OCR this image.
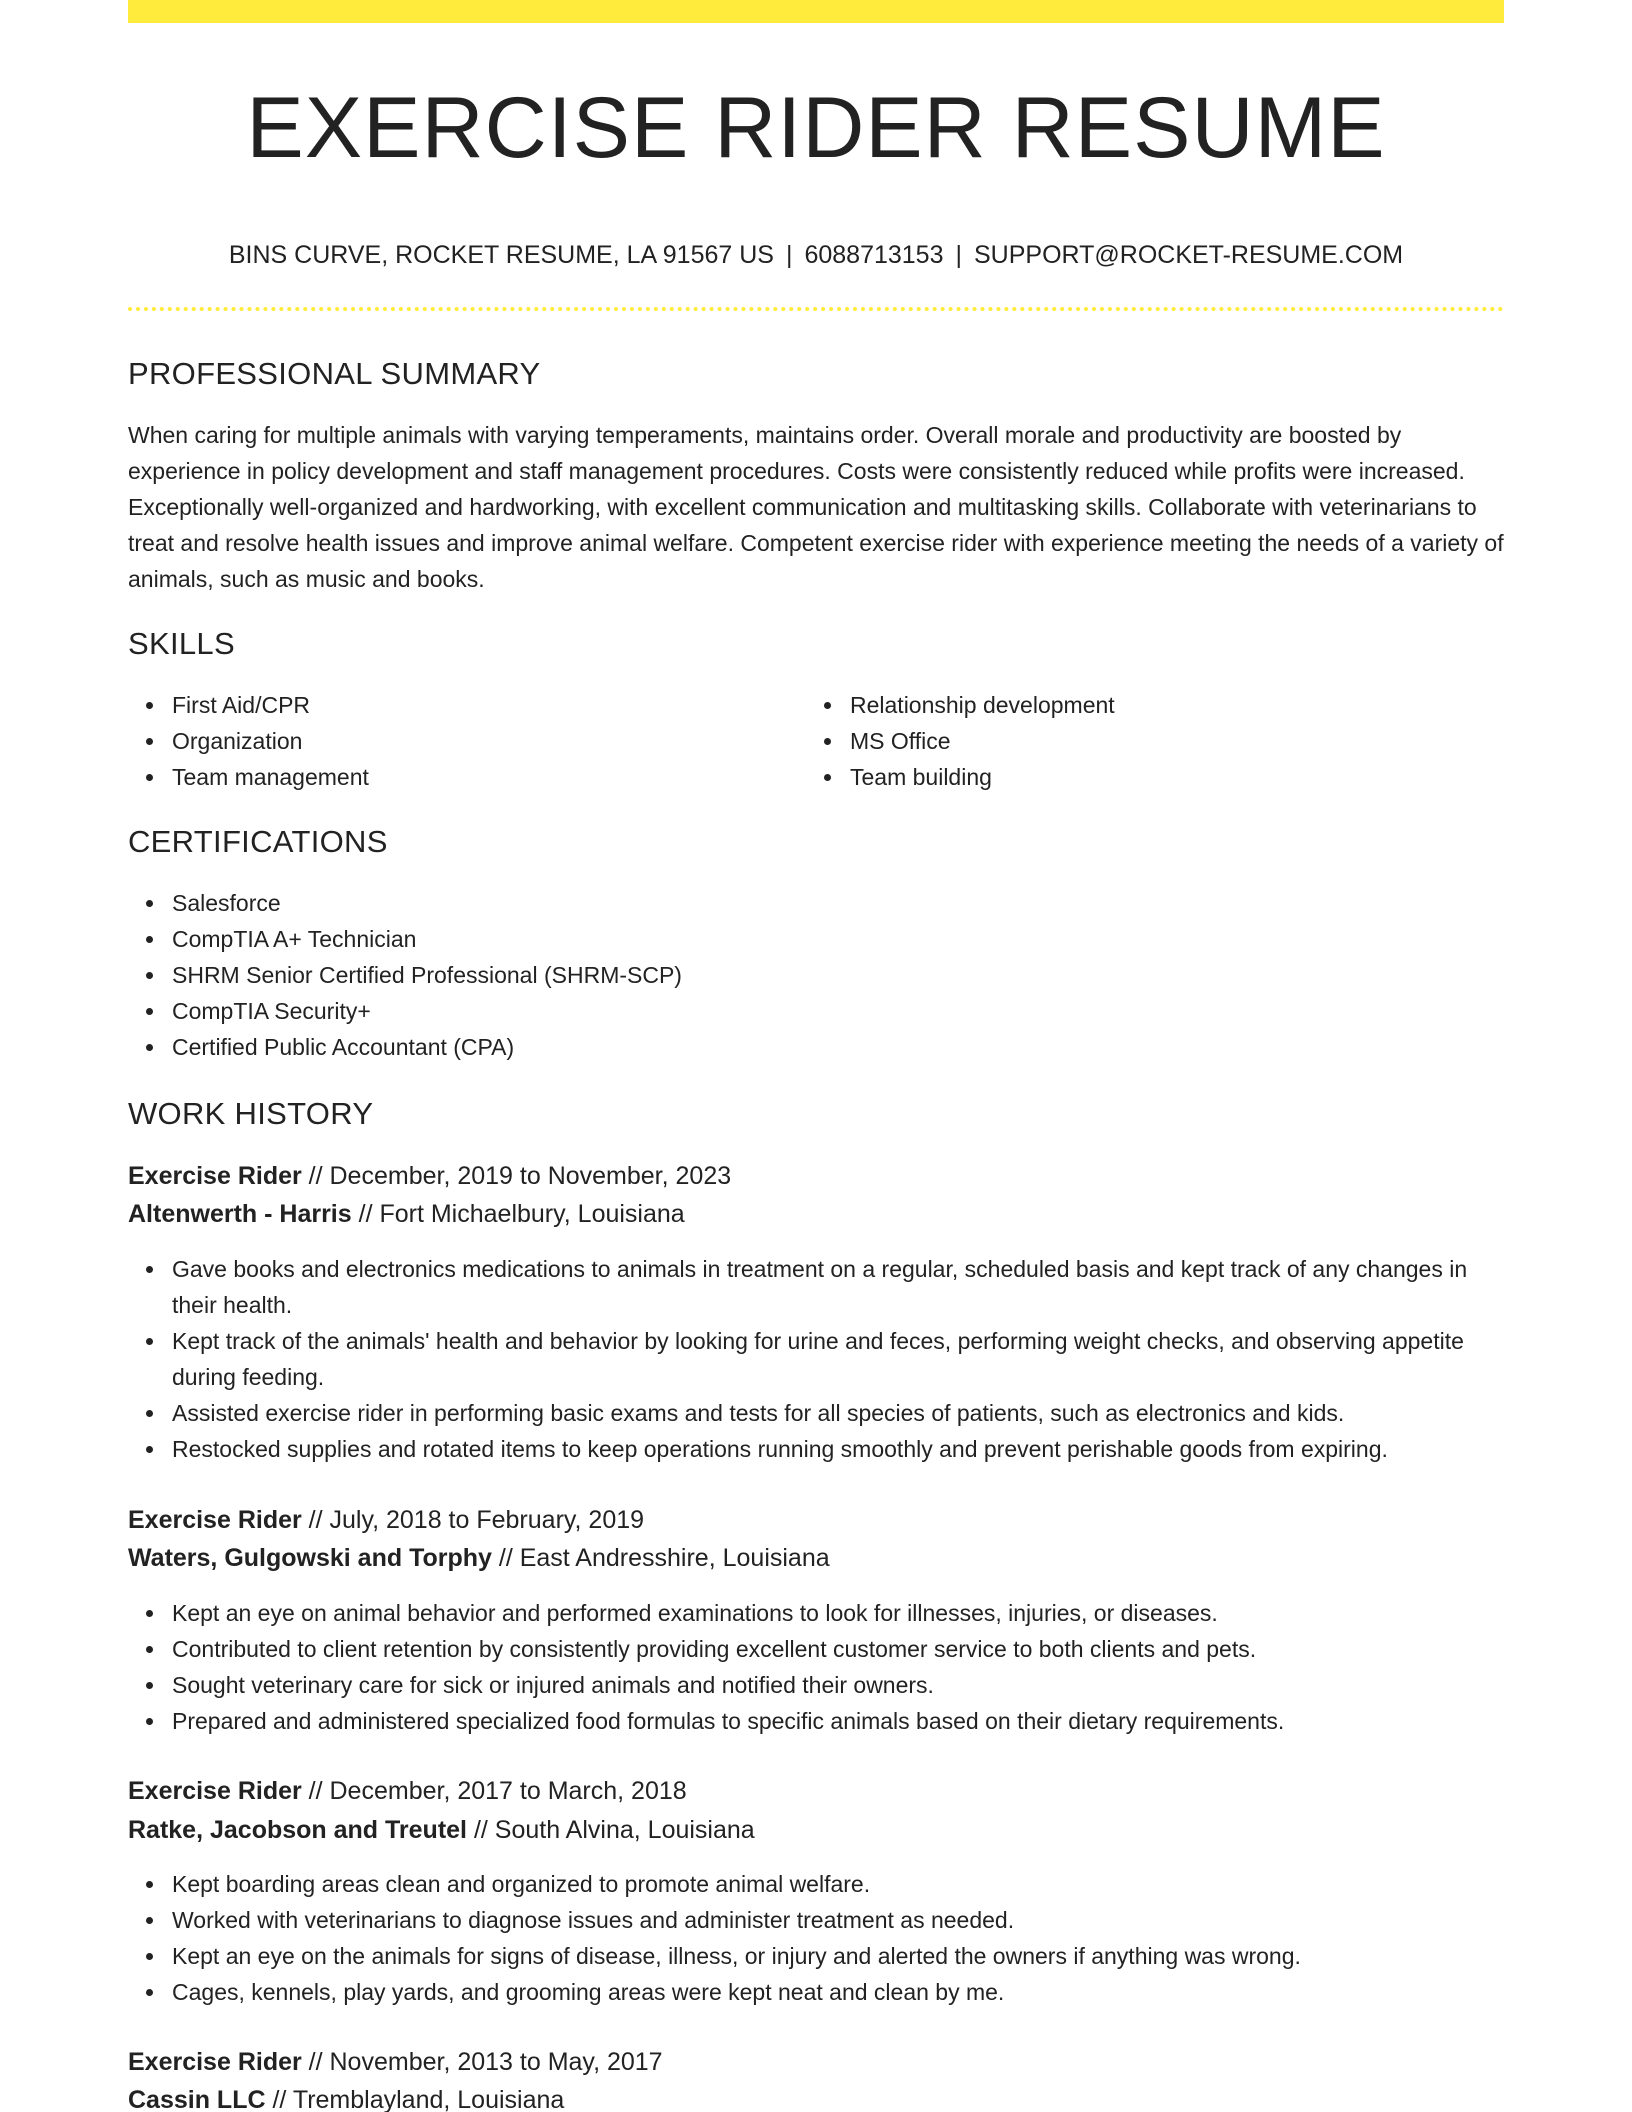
EXERCISE RIDER RESUME
BINS CURVE, ROCKET RESUME, LA 91567 US | 6088713153 | SUPPORT@ROCKET-RESUME.COM
PROFESSIONAL SUMMARY

When caring for multiple animals with varying temperaments, maintains order. Overall morale and productivity are boosted by experience in policy development and staff management procedures. Costs were consistently reduced while profits were increased. Exceptionally well-organized and hardworking, with excellent communication and multitasking skills. Collaborate with veterinarians to treat and resolve health issues and improve animal welfare. Competent exercise rider with experience meeting the needs of a variety of animals, such as music and books.

SKILLS
First Aid/CPR
Organization
Team management
Relationship development
MS Office
Team building
CERTIFICATIONS
Salesforce
CompTIA A+ Technician
SHRM Senior Certified Professional (SHRM-SCP)
CompTIA Security+
Certified Public Accountant (CPA)
WORK HISTORY
Exercise Rider // December, 2019 to November, 2023
Altenwerth - Harris // Fort Michaelbury, Louisiana
Gave books and electronics medications to animals in treatment on a regular, scheduled basis and kept track of any changes in their health.
Kept track of the animals' health and behavior by looking for urine and feces, performing weight checks, and observing appetite during feeding.
Assisted exercise rider in performing basic exams and tests for all species of patients, such as electronics and kids.
Restocked supplies and rotated items to keep operations running smoothly and prevent perishable goods from expiring.
Exercise Rider // July, 2018 to February, 2019
Waters, Gulgowski and Torphy // East Andresshire, Louisiana
Kept an eye on animal behavior and performed examinations to look for illnesses, injuries, or diseases.
Contributed to client retention by consistently providing excellent customer service to both clients and pets.
Sought veterinary care for sick or injured animals and notified their owners.
Prepared and administered specialized food formulas to specific animals based on their dietary requirements.
Exercise Rider // December, 2017 to March, 2018
Ratke, Jacobson and Treutel // South Alvina, Louisiana
Kept boarding areas clean and organized to promote animal welfare.
Worked with veterinarians to diagnose issues and administer treatment as needed.
Kept an eye on the animals for signs of disease, illness, or injury and alerted the owners if anything was wrong.
Cages, kennels, play yards, and grooming areas were kept neat and clean by me.
Exercise Rider // November, 2013 to May, 2017
Cassin LLC // Tremblayland, Louisiana
